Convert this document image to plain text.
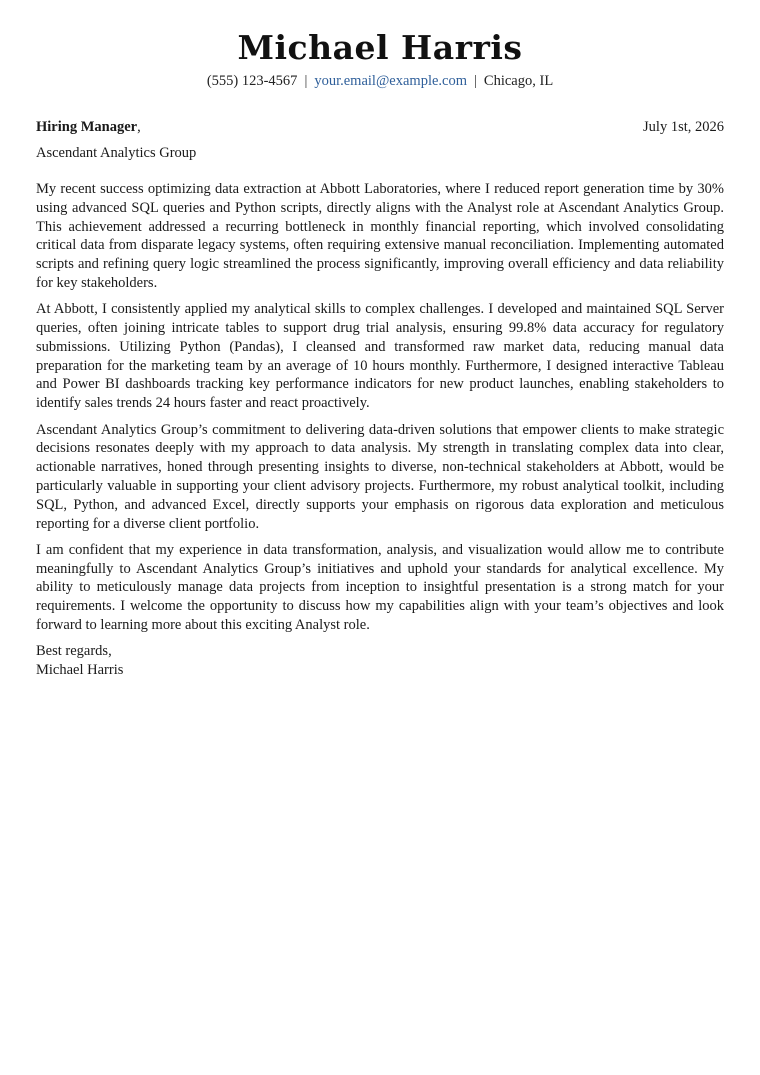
Michael Harris
(555) 123-4567 | your.email@example.com | Chicago, IL
Hiring Manager,	July 1st, 2026
Ascendant Analytics Group

My recent success optimizing data extraction at Abbott Laboratories, where I reduced report generation time by 30% using advanced SQL queries and Python scripts, directly aligns with the Analyst role at Ascendant Analytics Group. This achievement addressed a recurring bottleneck in monthly financial reporting, which involved consolidating critical data from disparate legacy systems, often requiring extensive manual reconciliation. Implementing automated scripts and refining query logic streamlined the process significantly, improving overall efficiency and data reliability for key stakeholders.

At Abbott, I consistently applied my analytical skills to complex challenges. I developed and maintained SQL Server queries, often joining intricate tables to support drug trial analysis, ensuring 99.8% data accuracy for regulatory submissions. Utilizing Python (Pandas), I cleansed and transformed raw market data, reducing manual data preparation for the marketing team by an average of 10 hours monthly. Furthermore, I designed interactive Tableau and Power BI dashboards tracking key performance indicators for new product launches, enabling stakeholders to identify sales trends 24 hours faster and react proactively.

Ascendant Analytics Group’s commitment to delivering data-driven solutions that empower clients to make strategic decisions resonates deeply with my approach to data analysis. My strength in translating complex data into clear, actionable narratives, honed through presenting insights to diverse, non-technical stakeholders at Abbott, would be particularly valuable in supporting your client advisory projects. Furthermore, my robust analytical toolkit, including SQL, Python, and advanced Excel, directly supports your emphasis on rigorous data exploration and meticulous reporting for a diverse client portfolio.

I am confident that my experience in data transformation, analysis, and visualization would allow me to contribute meaningfully to Ascendant Analytics Group’s initiatives and uphold your standards for analytical excellence. My ability to meticulously manage data projects from inception to insightful presentation is a strong match for your requirements. I welcome the opportunity to discuss how my capabilities align with your team’s objectives and look forward to learning more about this exciting Analyst role.

Best regards,
Michael Harris
